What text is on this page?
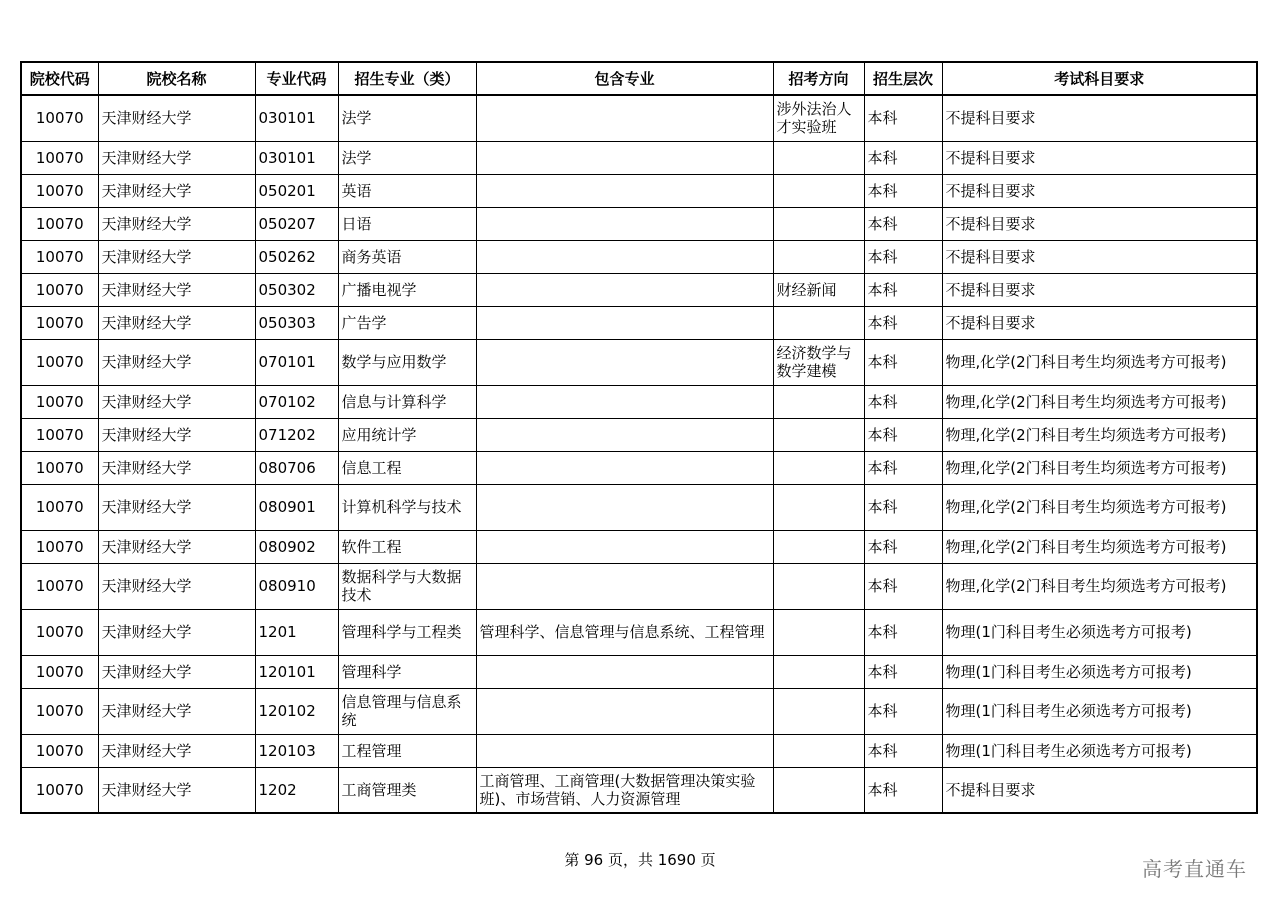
院校代码	院校名称	专业代码	招生专业（类）	包含专业	招考方向	招生层次	考试科目要求
10070	天津财经大学	030101	法学		涉外法治人才实验班	本科	不提科目要求
10070	天津财经大学	030101	法学			本科	不提科目要求
10070	天津财经大学	050201	英语			本科	不提科目要求
10070	天津财经大学	050207	日语			本科	不提科目要求
10070	天津财经大学	050262	商务英语			本科	不提科目要求
10070	天津财经大学	050302	广播电视学		财经新闻	本科	不提科目要求
10070	天津财经大学	050303	广告学			本科	不提科目要求
10070	天津财经大学	070101	数学与应用数学		经济数学与数学建模	本科	物理,化学(2门科目考生均须选考方可报考)
10070	天津财经大学	070102	信息与计算科学			本科	物理,化学(2门科目考生均须选考方可报考)
10070	天津财经大学	071202	应用统计学			本科	物理,化学(2门科目考生均须选考方可报考)
10070	天津财经大学	080706	信息工程			本科	物理,化学(2门科目考生均须选考方可报考)
10070	天津财经大学	080901	计算机科学与技术			本科	物理,化学(2门科目考生均须选考方可报考)
10070	天津财经大学	080902	软件工程			本科	物理,化学(2门科目考生均须选考方可报考)
10070	天津财经大学	080910	数据科学与大数据技术			本科	物理,化学(2门科目考生均须选考方可报考)
10070	天津财经大学	1201	管理科学与工程类	管理科学、信息管理与信息系统、工程管理		本科	物理(1门科目考生必须选考方可报考)
10070	天津财经大学	120101	管理科学			本科	物理(1门科目考生必须选考方可报考)
10070	天津财经大学	120102	信息管理与信息系统			本科	物理(1门科目考生必须选考方可报考)
10070	天津财经大学	120103	工程管理			本科	物理(1门科目考生必须选考方可报考)
10070	天津财经大学	1202	工商管理类	工商管理、工商管理(大数据管理决策实验班)、市场营销、人力资源管理		本科	不提科目要求
第 96 页，共 1690 页	高考直通车
